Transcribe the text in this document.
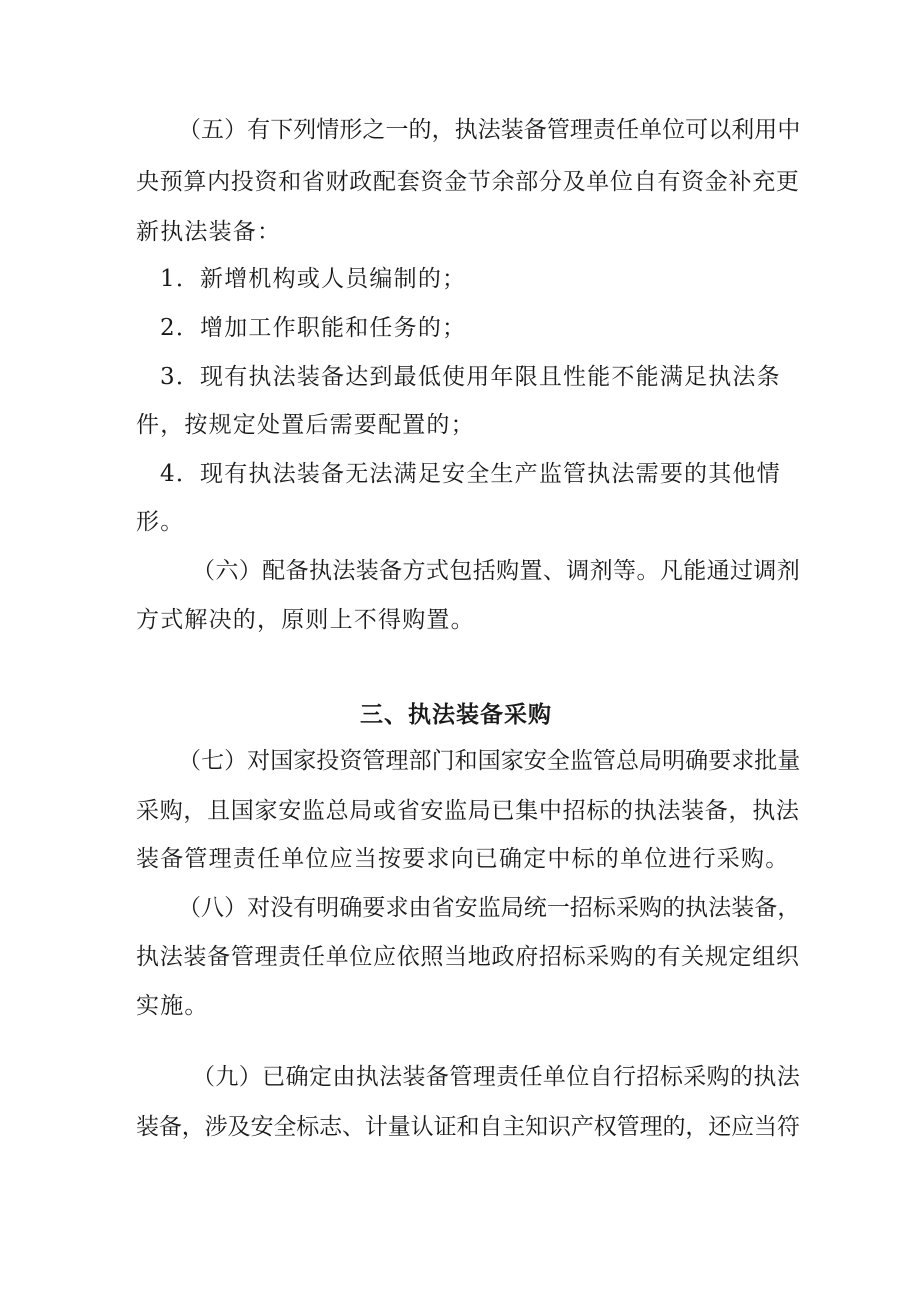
（五）有下列情形之一的，执法装备管理责任单位可以利用中
央预算内投资和省财政配套资金节余部分及单位自有资金补充更
新执法装备：
1．新增机构或人员编制的；
2．增加工作职能和任务的；
3．现有执法装备达到最低使用年限且性能不能满足执法条
件，按规定处置后需要配置的；
4．现有执法装备无法满足安全生产监管执法需要的其他情
形。
（六）配备执法装备方式包括购置、调剂等。凡能通过调剂
方式解决的，原则上不得购置。
三、执法装备采购
（七）对国家投资管理部门和国家安全监管总局明确要求批量
采购，且国家安监总局或省安监局已集中招标的执法装备，执法
装备管理责任单位应当按要求向已确定中标的单位进行采购。
（八）对没有明确要求由省安监局统一招标采购的执法装备，
执法装备管理责任单位应依照当地政府招标采购的有关规定组织
实施。
（九）已确定由执法装备管理责任单位自行招标采购的执法
装备，涉及安全标志、计量认证和自主知识产权管理的，还应当符
